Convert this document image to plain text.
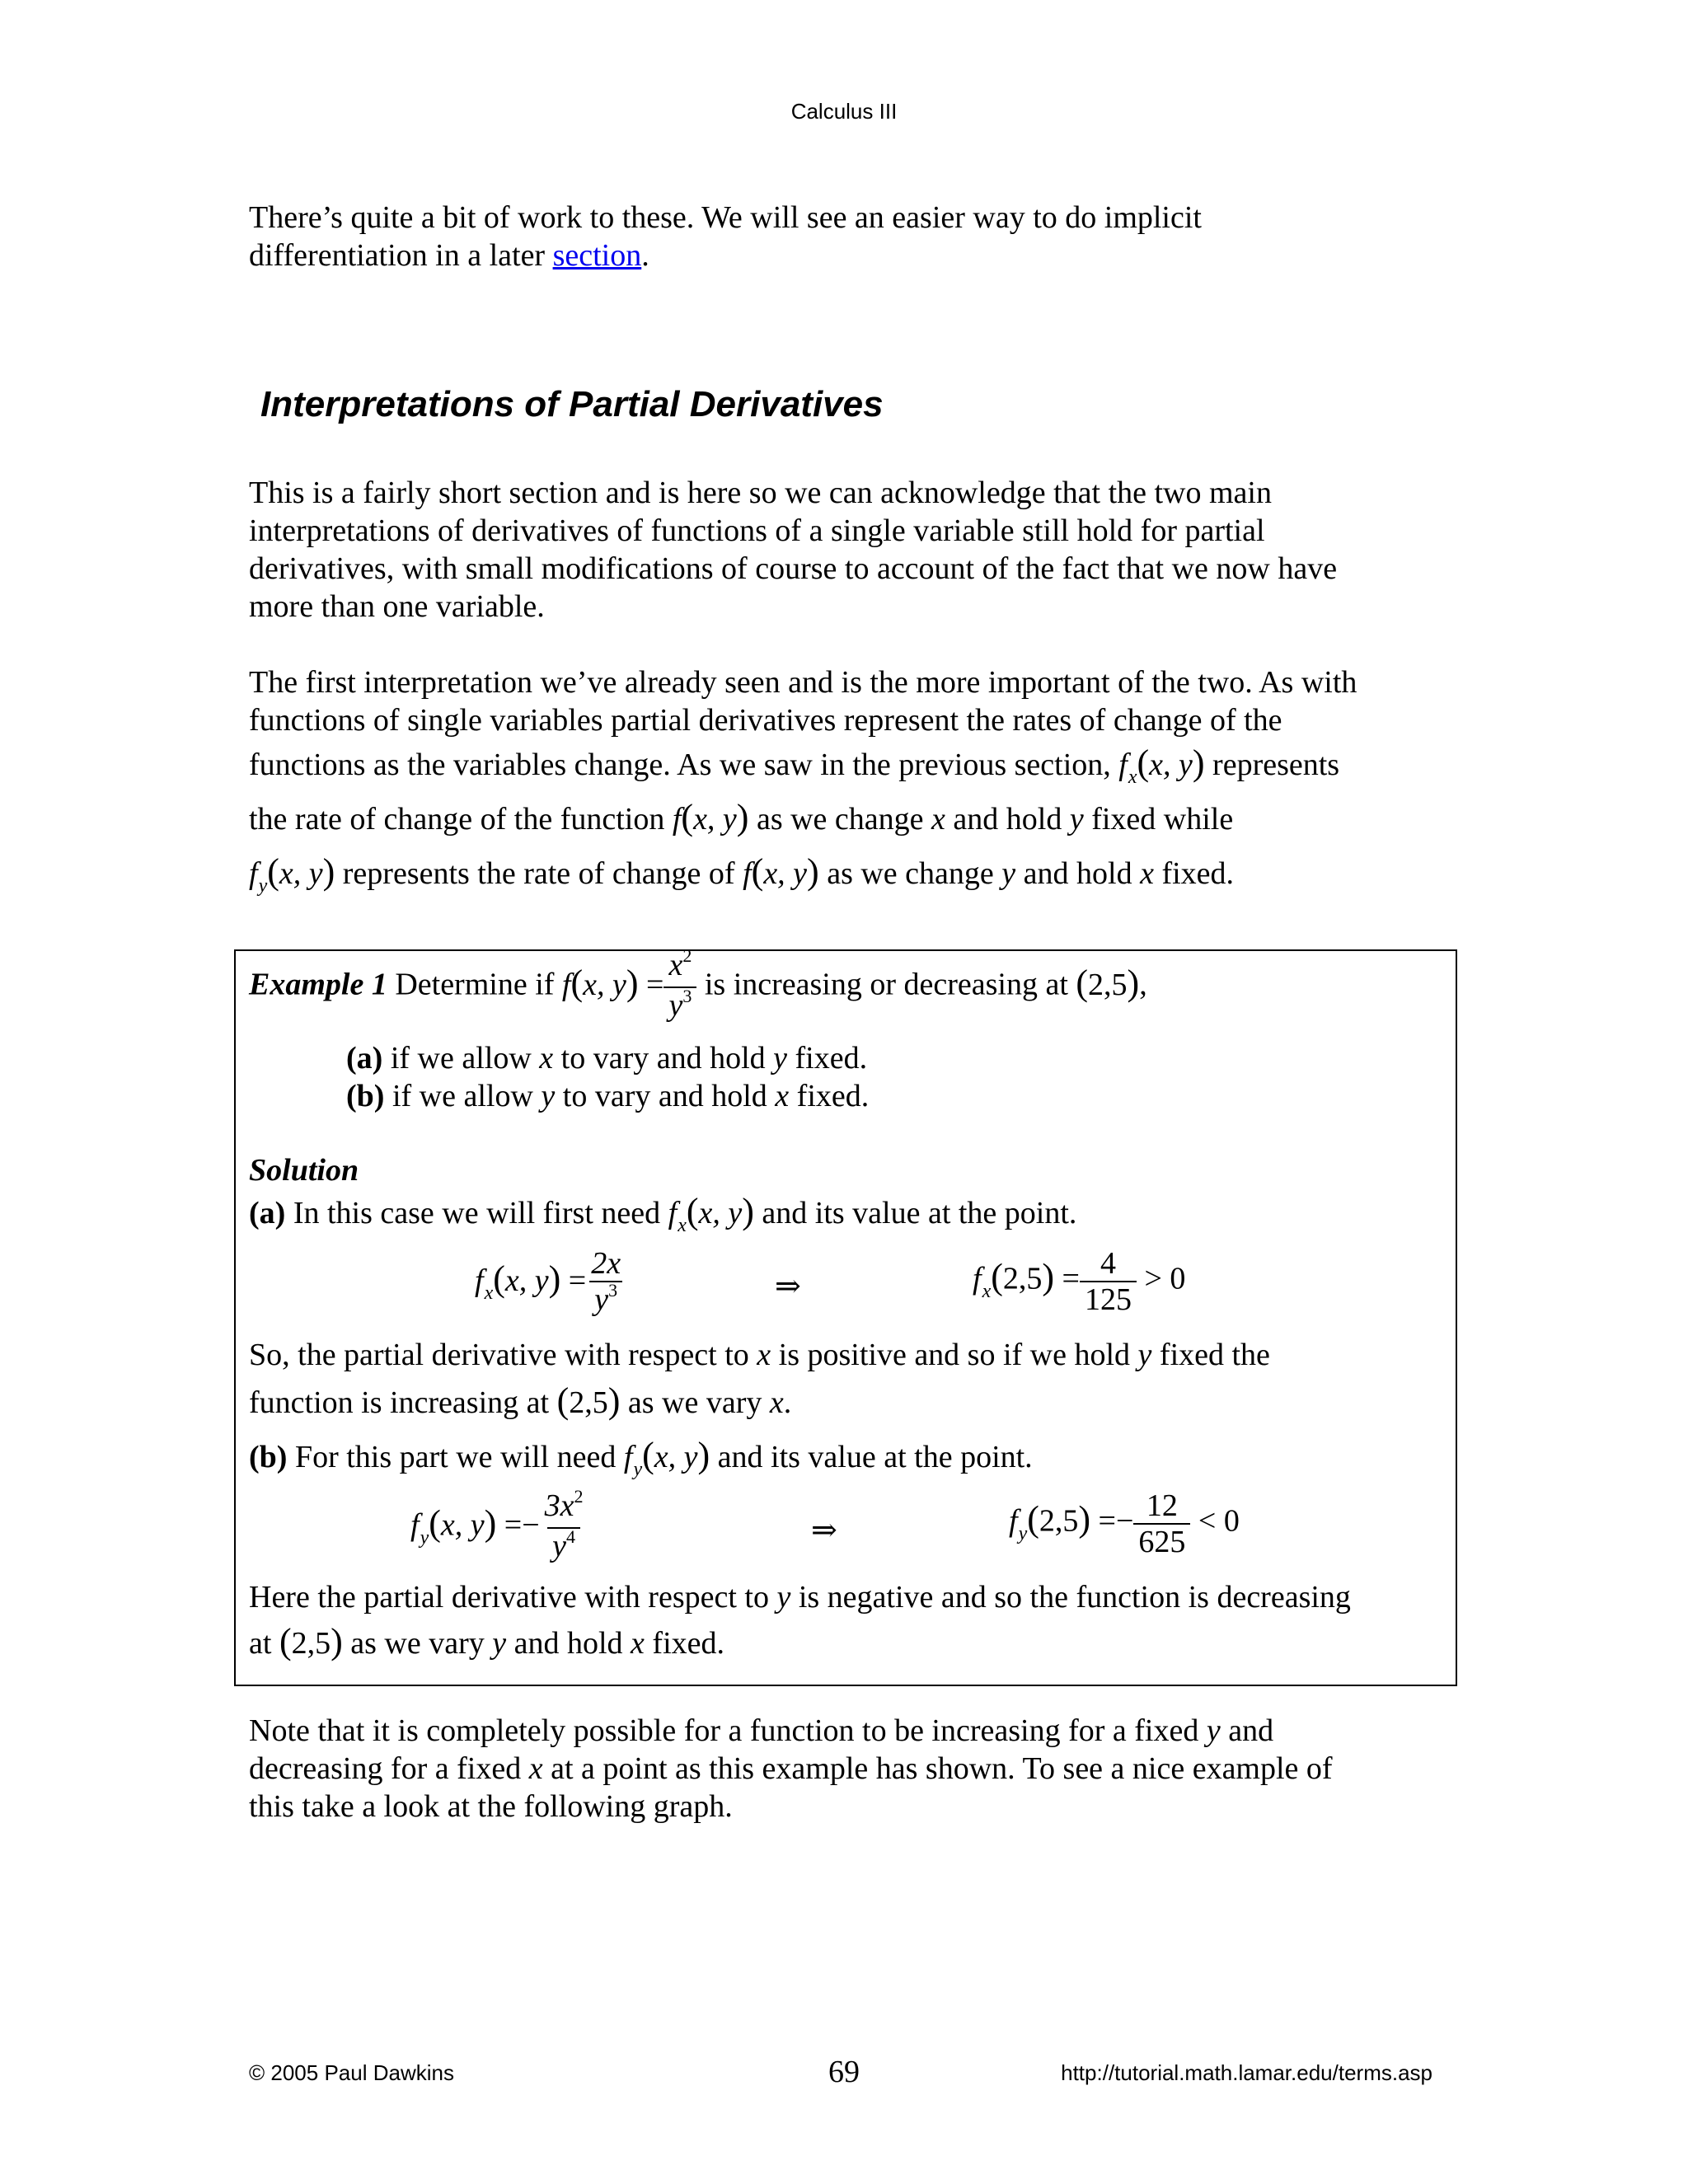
Calculus III
There’s quite a bit of work to these. We will see an easier way to do implicit
differentiation in a later section.
Interpretations of Partial Derivatives
This is a fairly short section and is here so we can acknowledge that the two main
interpretations of derivatives of functions of a single variable still hold for partial
derivatives, with small modifications of course to account of the fact that we now have
more than one variable.
The first interpretation we’ve already seen and is the more important of the two. As with
functions of single variables partial derivatives represent the rates of change of the
functions as the variables change. As we saw in the previous section, $f_x(x$, y) represents
the rate of change of the function f(x, y) as we change x and hold y fixed while
$f_y(x$, y) represents the rate of change of f(x, y) as we change y and hold x fixed.
Example 1 Determine if f(x, $y) = \frac{x^2}{y^3}$ is increasing or decreasing at (2,5),
(a) if we allow x to vary and hold y fixed.
(b) if we allow y to vary and hold x fixed.
Solution
(a) In this case we will first need $f_x(x$, y) and its value at the point.
$f_x(x$, $y) = \frac{2x}{y^3}$	⇒	$f_x(2,5) = \frac{4}{125} > 0$
So, the partial derivative with respect to x is positive and so if we hold y fixed the
function is increasing at (2,5) as we vary x.
(b) For this part we will need $f_y(x$, y) and its value at the point.
$f_y(x$, $y) =- \frac{3x^2}{y^4}$	⇒	$f_y(2,5) =- \frac{12}{625} < 0$
Here the partial derivative with respect to y is negative and so the function is decreasing
at (2,5) as we vary y and hold x fixed.
Note that it is completely possible for a function to be increasing for a fixed y and
decreasing for a fixed x at a point as this example has shown. To see a nice example of
this take a look at the following graph.
© 2005 Paul Dawkins	69	http://tutorial.math.lamar.edu/terms.asp
